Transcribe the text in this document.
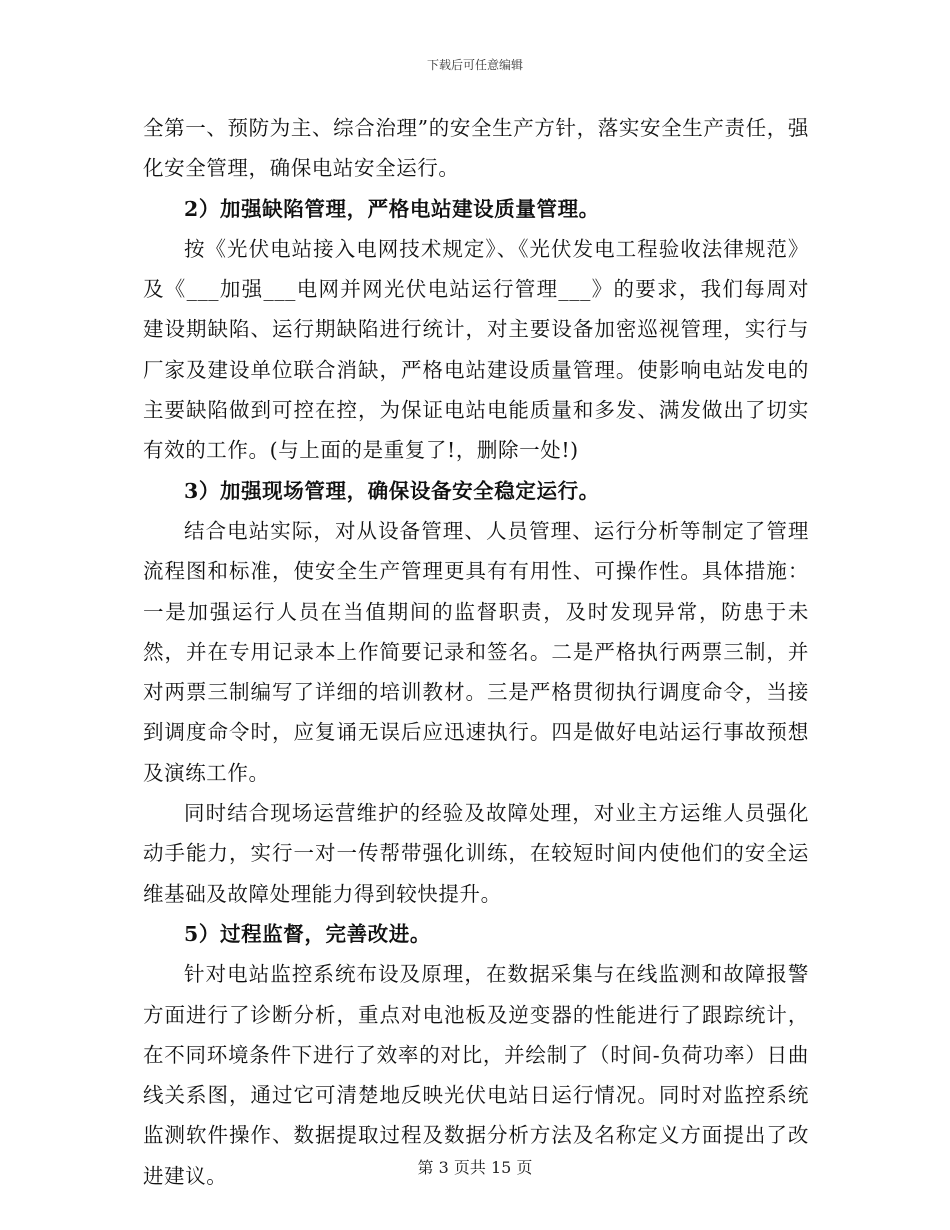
下载后可任意编辑

全第一、预防为主、综合治理”的安全生产方针，落实安全生产责任，强化安全管理，确保电站安全运行。

2）加强缺陷管理，严格电站建设质量管理。

按《光伏电站接入电网技术规定》、《光伏发电工程验收法律规范》及《___加强___电网并网光伏电站运行管理___》的要求，我们每周对建设期缺陷、运行期缺陷进行统计，对主要设备加密巡视管理，实行与厂家及建设单位联合消缺，严格电站建设质量管理。使影响电站发电的主要缺陷做到可控在控，为保证电站电能质量和多发、满发做出了切实有效的工作。(与上面的是重复了!，删除一处!)

3）加强现场管理，确保设备安全稳定运行。

结合电站实际，对从设备管理、人员管理、运行分析等制定了管理流程图和标准，使安全生产管理更具有有用性、可操作性。具体措施：一是加强运行人员在当值期间的监督职责，及时发现异常，防患于未然，并在专用记录本上作简要记录和签名。二是严格执行两票三制，并对两票三制编写了详细的培训教材。三是严格贯彻执行调度命令，当接到调度命令时，应复诵无误后应迅速执行。四是做好电站运行事故预想及演练工作。

同时结合现场运营维护的经验及故障处理，对业主方运维人员强化动手能力，实行一对一传帮带强化训练，在较短时间内使他们的安全运维基础及故障处理能力得到较快提升。

5）过程监督，完善改进。

针对电站监控系统布设及原理，在数据采集与在线监测和故障报警方面进行了诊断分析，重点对电池板及逆变器的性能进行了跟踪统计，在不同环境条件下进行了效率的对比，并绘制了（时间-负荷功率）日曲线关系图，通过它可清楚地反映光伏电站日运行情况。同时对监控系统监测软件操作、数据提取过程及数据分析方法及名称定义方面提出了改进建议。	第 3 页共 15 页
